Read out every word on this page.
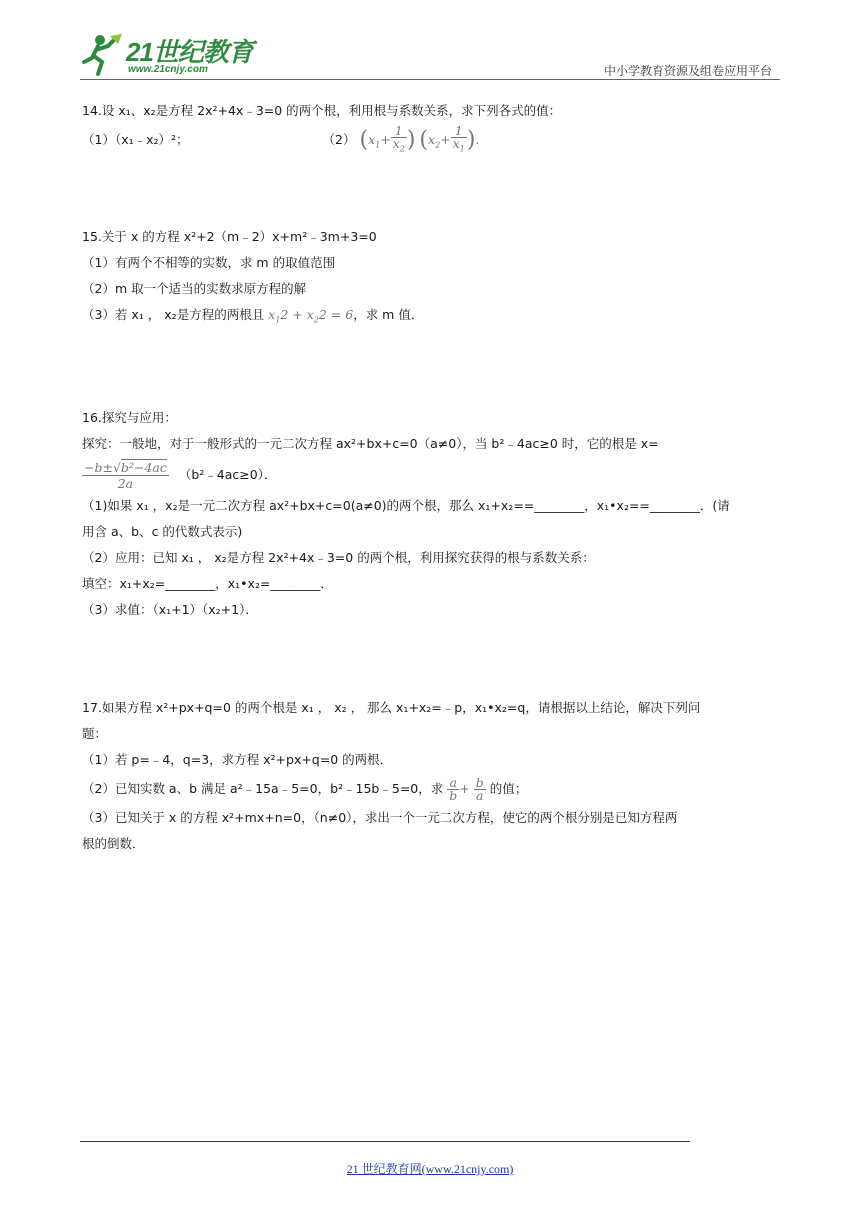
21世纪教育
www.21cnjy.com	中小学教育资源及组卷应用平台
14.设 x₁、x₂是方程 2x²+4x﹣3=0 的两个根，利用根与系数关系，求下列各式的值：
（1）（x₁﹣x₂）²；	（2） ($x_1+ \frac{1}{x_2}$ ) ($x_2+ \frac{1}{x_1}$ ).
15.关于 x 的方程 x²+2（m﹣2）x+m²﹣3m+3=0
（1）有两个不相等的实数，求 m 的取值范围
（2）m 取一个适当的实数求原方程的解
（3）若 x₁ ， x₂是方程的两根且 $x_12 + x_22 = 6$，求 m 值．
16.探究与应用：
探究：一般地，对于一般形式的一元二次方程 ax²+bx+c=0（a≠0），当 b²﹣4ac≥0 时，它的根是 x=
$\frac{\text{−b±√b²−4ac}}{2a}$ （b²﹣4ac≥0）．
（1)如果 x₁ ，x₂是一元二次方程 ax²+bx+c=0(a≠0)的两个根，那么 x₁+x₂==________，x₁•x₂==________．(请
用含 a、b、c 的代数式表示)
（2）应用：已知 x₁ ， x₂是方程 2x²+4x﹣3=0 的两个根，利用探究获得的根与系数关系：
填空：x₁+x₂=________，x₁•x₂=________．
（3）求值：（x₁+1）（x₂+1）．
17.如果方程 x²+px+q=0 的两个根是 x₁ ， x₂ ， 那么 x₁+x₂=﹣p，x₁•x₂=q，请根据以上结论，解决下列问
题：
（1）若 p=﹣4，q=3，求方程 x²+px+q=0 的两根．
（2）已知实数 a、b 满足 a²﹣15a﹣5=0，b²﹣15b﹣5=0，求 $\frac{a}{b} + \frac{b}{a}$ 的值；
（3）已知关于 x 的方程 x²+mx+n=0，（n≠0），求出一个一元二次方程，使它的两个根分别是已知方程两
根的倒数．
21 世纪教育网(www.21cnjy.com)
